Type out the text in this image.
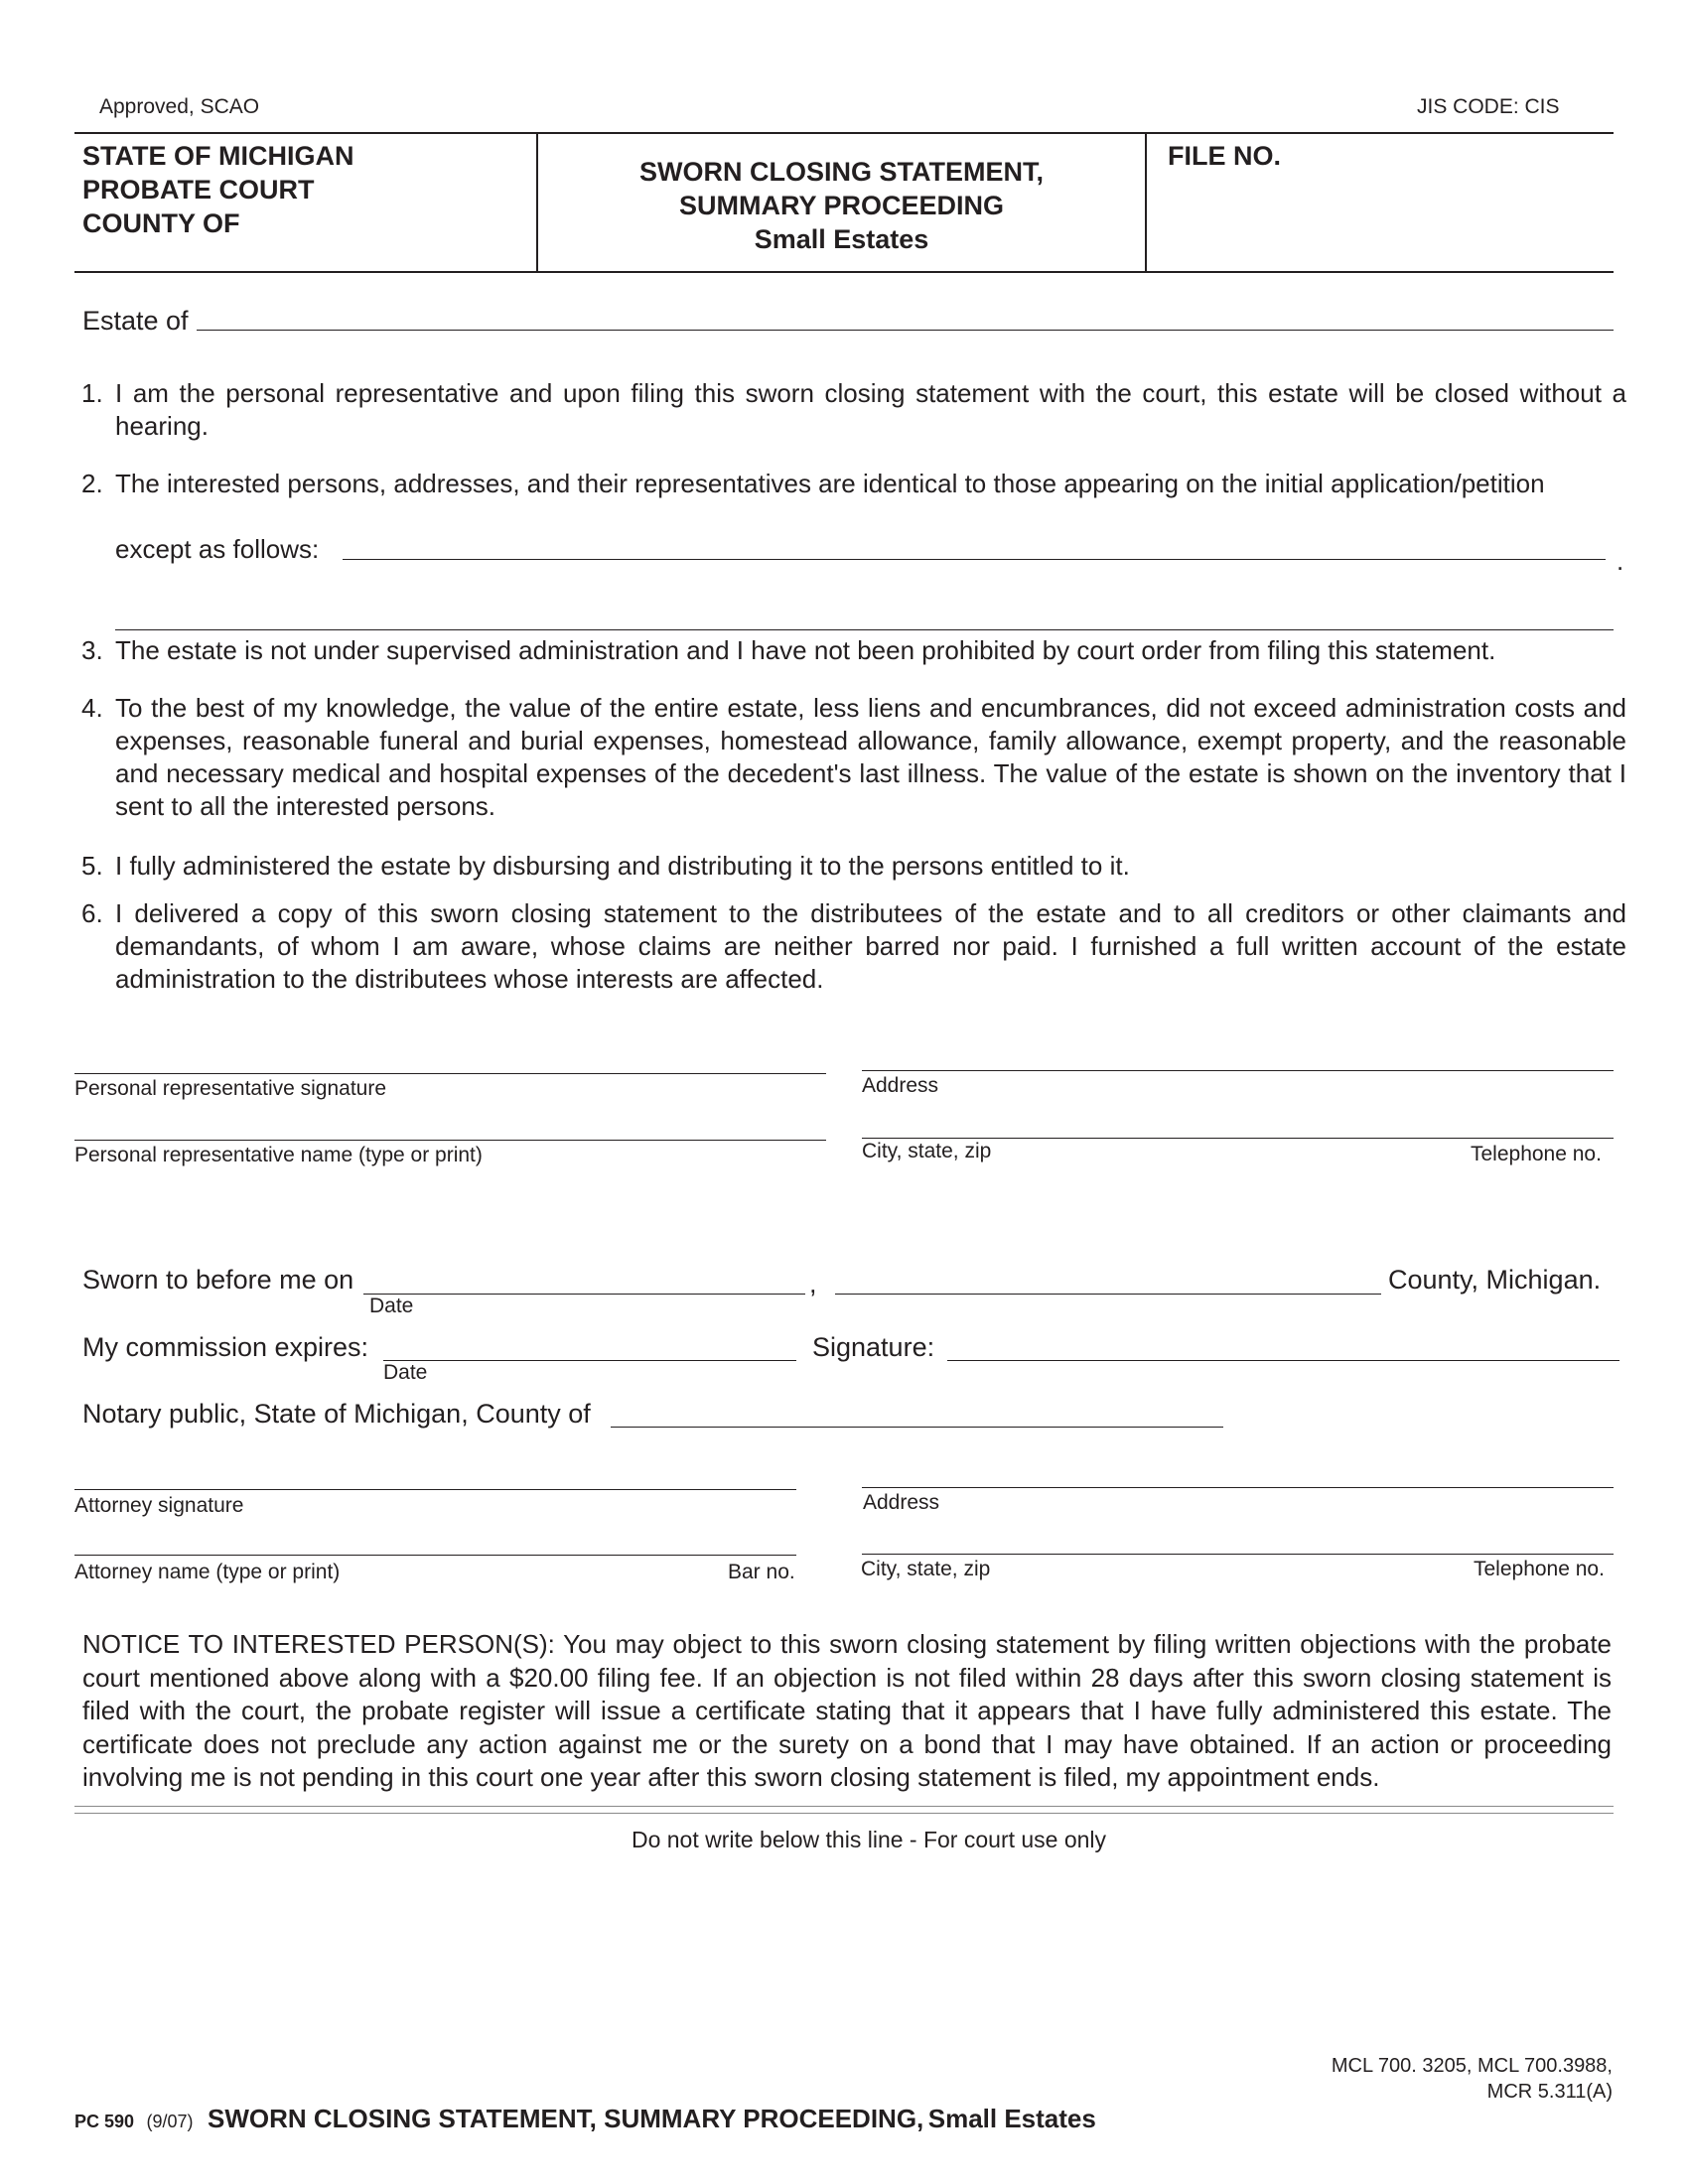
Approved, SCAO	JIS CODE: CIS
STATE OF MICHIGAN
PROBATE COURT
COUNTY OF
SWORN CLOSING STATEMENT,
SUMMARY PROCEEDING
Small Estates
FILE NO.
Estate of
1. I am the personal representative and upon filing this sworn closing statement with the court, this estate will be closed without a hearing.
2. The interested persons, addresses, and their representatives are identical to those appearing on the initial application/petition
except as follows:	.
3. The estate is not under supervised administration and I have not been prohibited by court order from filing this statement.
4. To the best of my knowledge, the value of the entire estate, less liens and encumbrances, did not exceed administration costs and expenses, reasonable funeral and burial expenses, homestead allowance, family allowance, exempt property, and the reasonable and necessary medical and hospital expenses of the decedent's last illness. The value of the estate is shown on the inventory that I sent to all the interested persons.
5. I fully administered the estate by disbursing and distributing it to the persons entitled to it.
6. I delivered a copy of this sworn closing statement to the distributees of the estate and to all creditors or other claimants and demandants, of whom I am aware, whose claims are neither barred nor paid. I furnished a full written account of the estate administration to the distributees whose interests are affected.
Personal representative signature
Personal representative name (type or print)
Address
City, state, zip	Telephone no.
Sworn to before me on	,	County, Michigan.
Date
My commission expires:	Signature:
Date
Notary public, State of Michigan, County of
Attorney signature
Attorney name (type or print)	Bar no.
Address
City, state, zip	Telephone no.
NOTICE TO INTERESTED PERSON(S): You may object to this sworn closing statement by filing written objections with the probate court mentioned above along with a $20.00 filing fee. If an objection is not filed within 28 days after this sworn closing statement is filed with the court, the probate register will issue a certificate stating that it appears that I have fully administered this estate. The certificate does not preclude any action against me or the surety on a bond that I may have obtained. If an action or proceeding involving me is not pending in this court one year after this sworn closing statement is filed, my appointment ends.
Do not write below this line - For court use only
MCL 700. 3205, MCL 700.3988,
MCR 5.311(A)
PC 590 (9/07) SWORN CLOSING STATEMENT, SUMMARY PROCEEDING, Small Estates
